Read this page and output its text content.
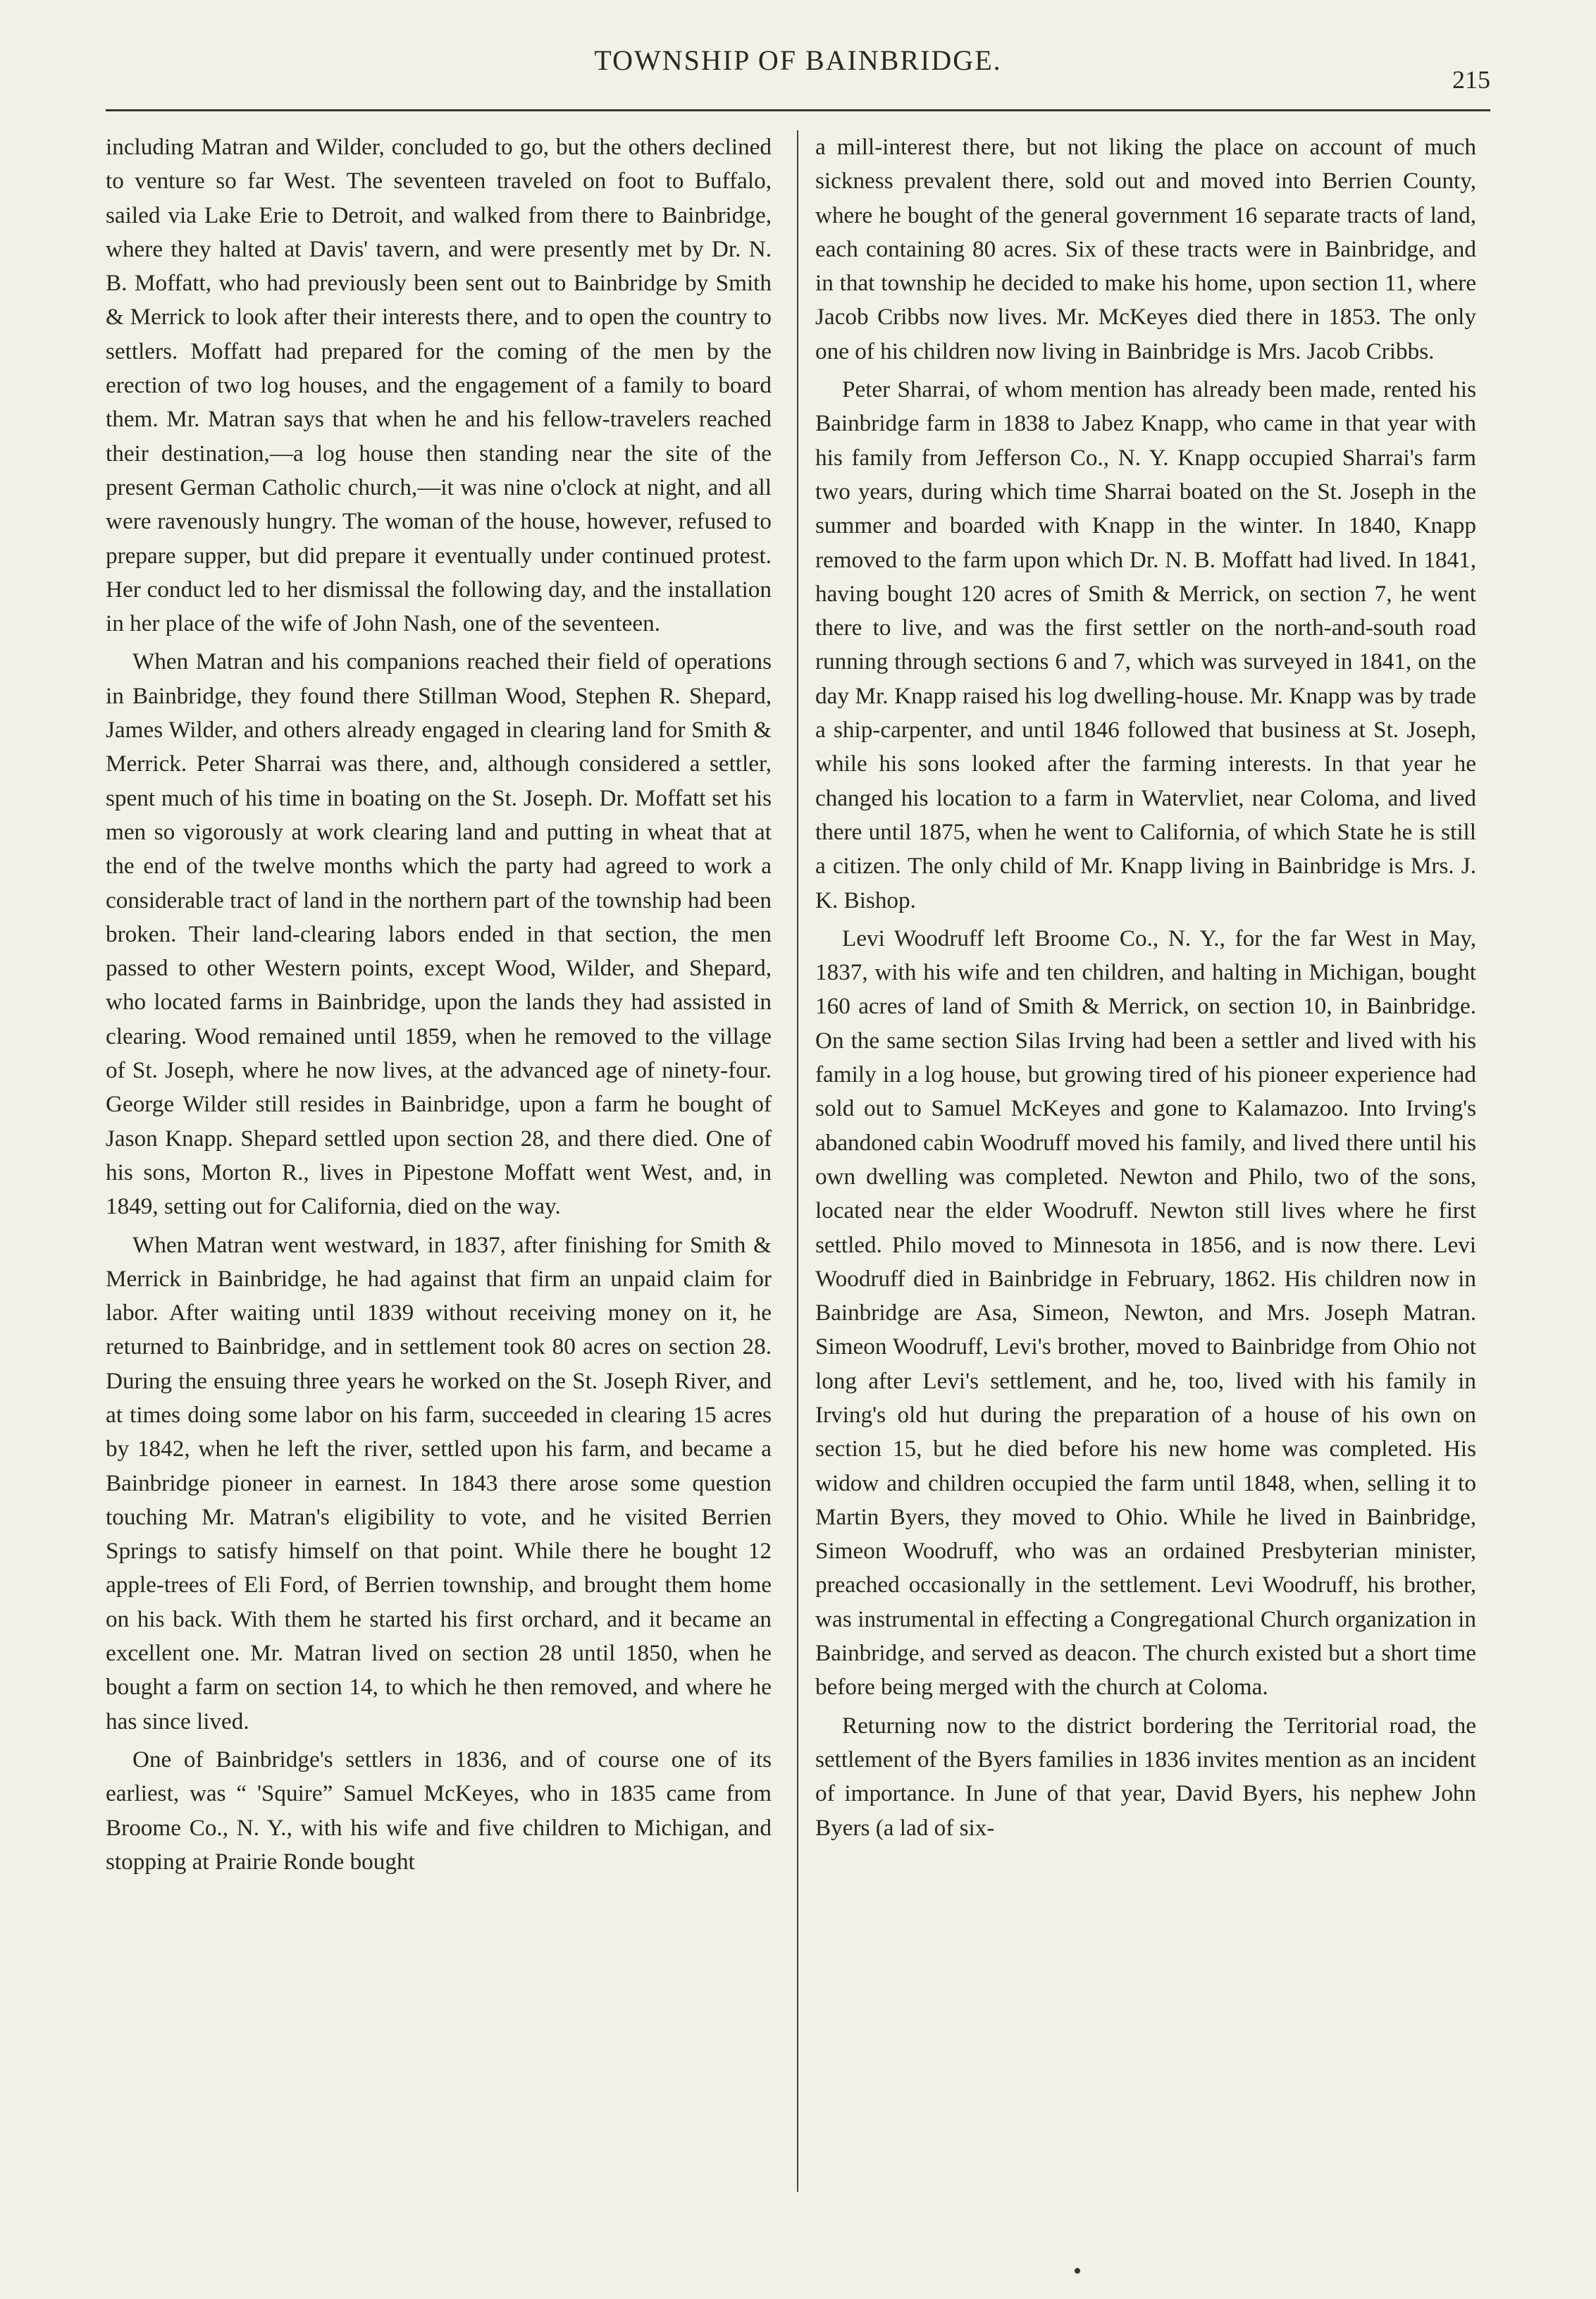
TOWNSHIP OF BAINBRIDGE.
215

including Matran and Wilder, concluded to go, but the others declined to venture so far West. The seventeen traveled on foot to Buffalo, sailed via Lake Erie to Detroit, and walked from there to Bainbridge, where they halted at Davis' tavern, and were presently met by Dr. N. B. Moffatt, who had previously been sent out to Bainbridge by Smith & Merrick to look after their interests there, and to open the country to settlers. Moffatt had prepared for the coming of the men by the erection of two log houses, and the engagement of a family to board them. Mr. Matran says that when he and his fellow-travelers reached their destination,—a log house then standing near the site of the present German Catholic church,—it was nine o'clock at night, and all were ravenously hungry. The woman of the house, however, refused to prepare supper, but did prepare it eventually under continued protest. Her conduct led to her dismissal the following day, and the installation in her place of the wife of John Nash, one of the seventeen.

When Matran and his companions reached their field of operations in Bainbridge, they found there Stillman Wood, Stephen R. Shepard, James Wilder, and others already engaged in clearing land for Smith & Merrick. Peter Sharrai was there, and, although considered a settler, spent much of his time in boating on the St. Joseph. Dr. Moffatt set his men so vigorously at work clearing land and putting in wheat that at the end of the twelve months which the party had agreed to work a considerable tract of land in the northern part of the township had been broken. Their land-clearing labors ended in that section, the men passed to other Western points, except Wood, Wilder, and Shepard, who located farms in Bainbridge, upon the lands they had assisted in clearing. Wood remained until 1859, when he removed to the village of St. Joseph, where he now lives, at the advanced age of ninety-four. George Wilder still resides in Bainbridge, upon a farm he bought of Jason Knapp. Shepard settled upon section 28, and there died. One of his sons, Morton R., lives in Pipestone Moffatt went West, and, in 1849, setting out for California, died on the way.

When Matran went westward, in 1837, after finishing for Smith & Merrick in Bainbridge, he had against that firm an unpaid claim for labor. After waiting until 1839 without receiving money on it, he returned to Bainbridge, and in settlement took 80 acres on section 28. During the ensuing three years he worked on the St. Joseph River, and at times doing some labor on his farm, succeeded in clearing 15 acres by 1842, when he left the river, settled upon his farm, and became a Bainbridge pioneer in earnest. In 1843 there arose some question touching Mr. Matran's eligibility to vote, and he visited Berrien Springs to satisfy himself on that point. While there he bought 12 apple-trees of Eli Ford, of Berrien township, and brought them home on his back. With them he started his first orchard, and it became an excellent one. Mr. Matran lived on section 28 until 1850, when he bought a farm on section 14, to which he then removed, and where he has since lived.

One of Bainbridge's settlers in 1836, and of course one of its earliest, was “ 'Squire” Samuel McKeyes, who in 1835 came from Broome Co., N. Y., with his wife and five children to Michigan, and stopping at Prairie Ronde bought

a mill-interest there, but not liking the place on account of much sickness prevalent there, sold out and moved into Berrien County, where he bought of the general government 16 separate tracts of land, each containing 80 acres. Six of these tracts were in Bainbridge, and in that township he decided to make his home, upon section 11, where Jacob Cribbs now lives. Mr. McKeyes died there in 1853. The only one of his children now living in Bainbridge is Mrs. Jacob Cribbs.

Peter Sharrai, of whom mention has already been made, rented his Bainbridge farm in 1838 to Jabez Knapp, who came in that year with his family from Jefferson Co., N. Y. Knapp occupied Sharrai's farm two years, during which time Sharrai boated on the St. Joseph in the summer and boarded with Knapp in the winter. In 1840, Knapp removed to the farm upon which Dr. N. B. Moffatt had lived. In 1841, having bought 120 acres of Smith & Merrick, on section 7, he went there to live, and was the first settler on the north-and-south road running through sections 6 and 7, which was surveyed in 1841, on the day Mr. Knapp raised his log dwelling-house. Mr. Knapp was by trade a ship-carpenter, and until 1846 followed that business at St. Joseph, while his sons looked after the farming interests. In that year he changed his location to a farm in Watervliet, near Coloma, and lived there until 1875, when he went to California, of which State he is still a citizen. The only child of Mr. Knapp living in Bainbridge is Mrs. J. K. Bishop.

Levi Woodruff left Broome Co., N. Y., for the far West in May, 1837, with his wife and ten children, and halting in Michigan, bought 160 acres of land of Smith & Merrick, on section 10, in Bainbridge. On the same section Silas Irving had been a settler and lived with his family in a log house, but growing tired of his pioneer experience had sold out to Samuel McKeyes and gone to Kalamazoo. Into Irving's abandoned cabin Woodruff moved his family, and lived there until his own dwelling was completed. Newton and Philo, two of the sons, located near the elder Woodruff. Newton still lives where he first settled. Philo moved to Minnesota in 1856, and is now there. Levi Woodruff died in Bainbridge in February, 1862. His children now in Bainbridge are Asa, Simeon, Newton, and Mrs. Joseph Matran. Simeon Woodruff, Levi's brother, moved to Bainbridge from Ohio not long after Levi's settlement, and he, too, lived with his family in Irving's old hut during the preparation of a house of his own on section 15, but he died before his new home was completed. His widow and children occupied the farm until 1848, when, selling it to Martin Byers, they moved to Ohio. While he lived in Bainbridge, Simeon Woodruff, who was an ordained Presbyterian minister, preached occasionally in the settlement. Levi Woodruff, his brother, was instrumental in effecting a Congregational Church organization in Bainbridge, and served as deacon. The church existed but a short time before being merged with the church at Coloma.

Returning now to the district bordering the Territorial road, the settlement of the Byers families in 1836 invites mention as an incident of importance. In June of that year, David Byers, his nephew John Byers (a lad of six-
